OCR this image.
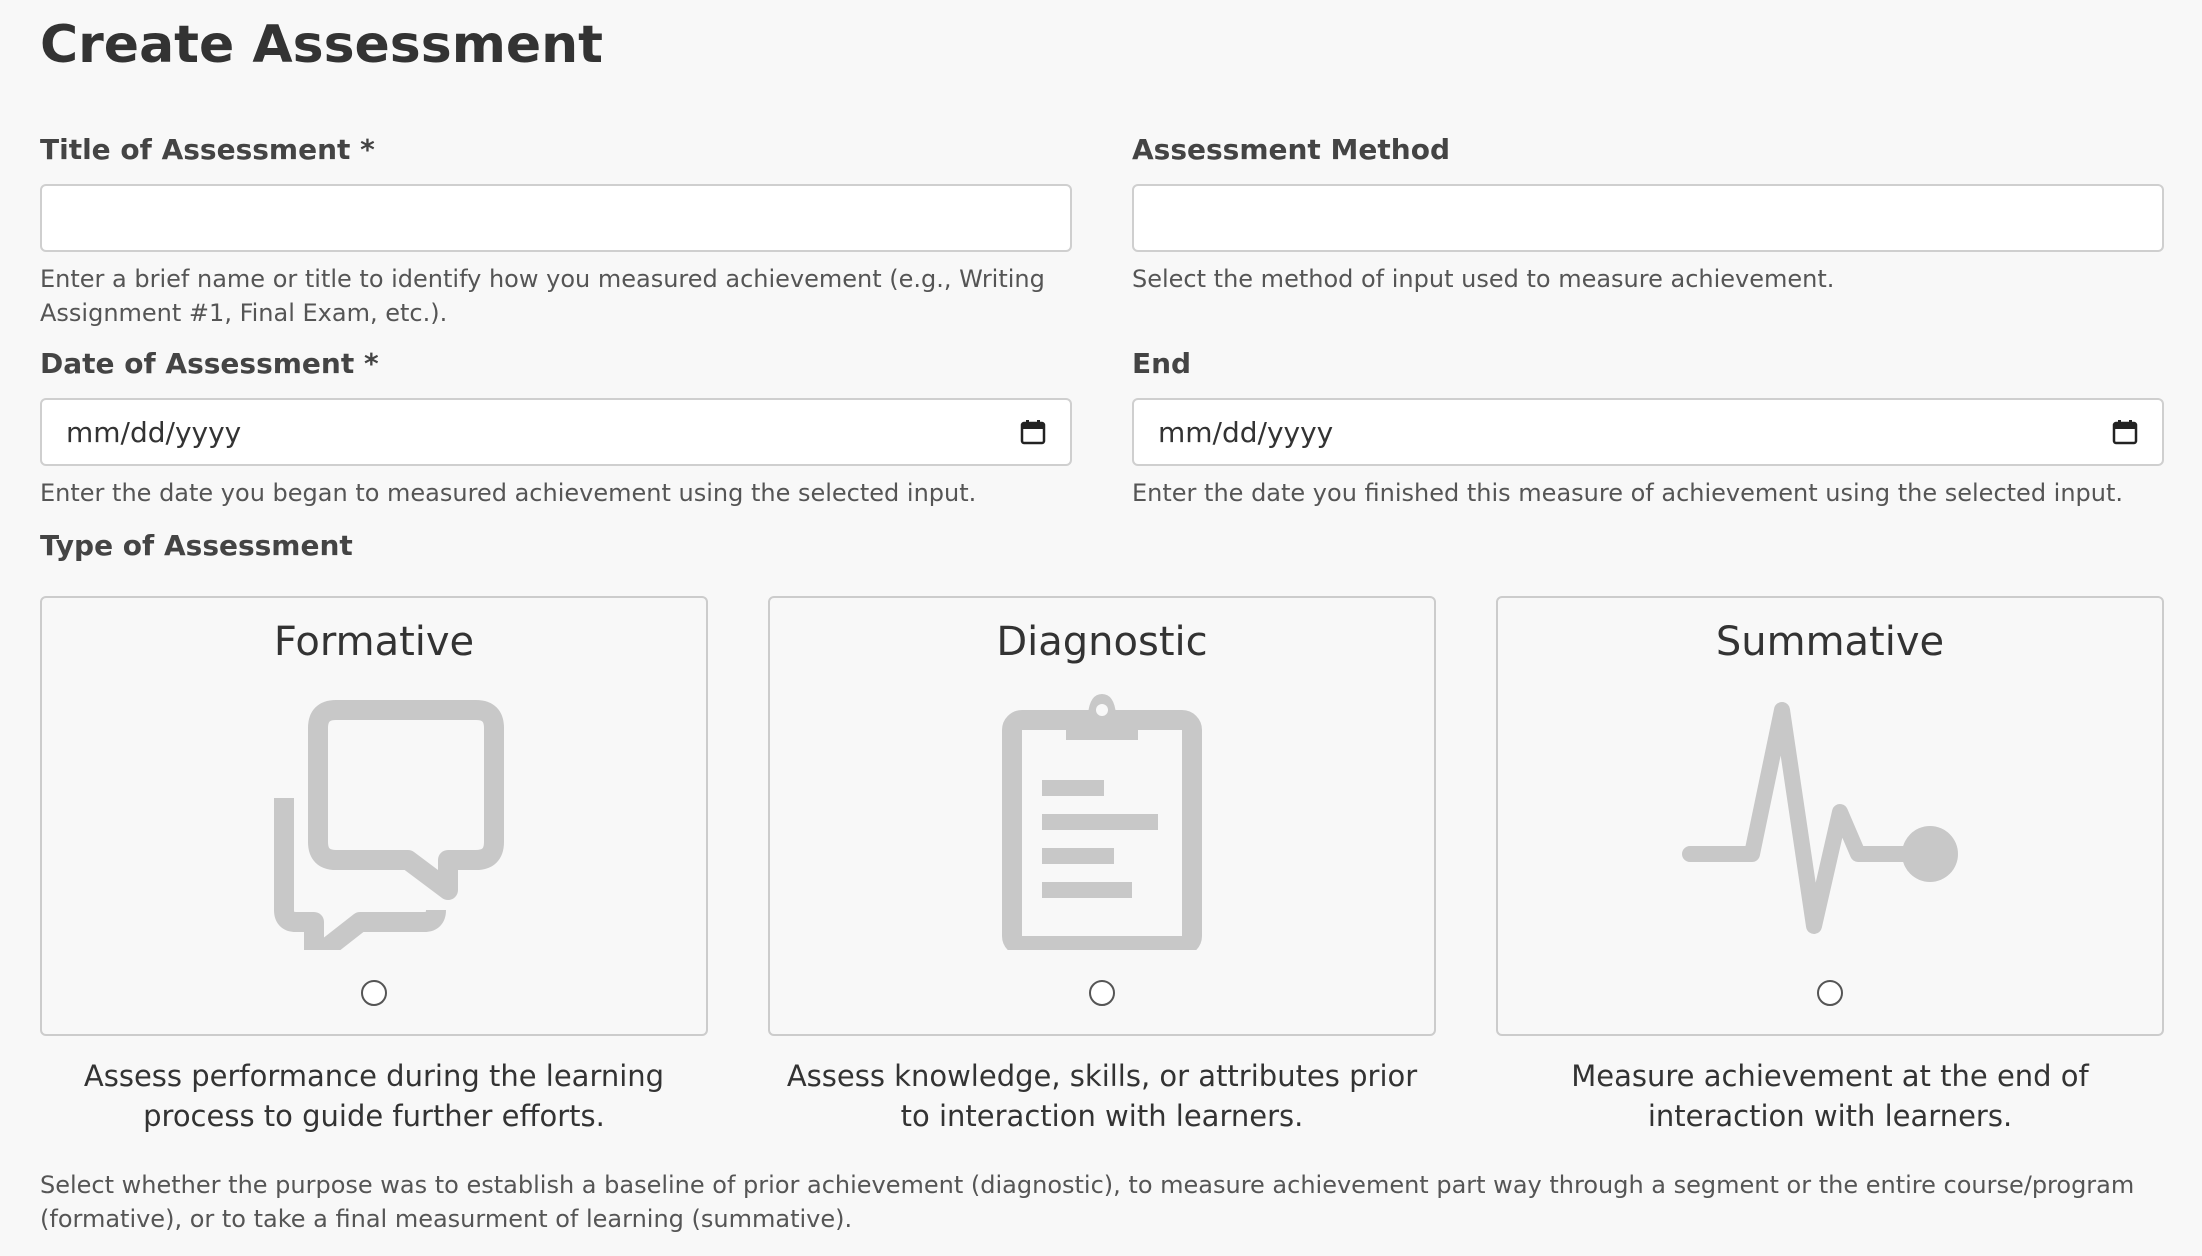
Create Assessment
Title of Assessment *
Enter a brief name or title to identify how you measured achievement (e.g., Writing Assignment #1, Final Exam, etc.).
Assessment Method
Select the method of input used to measure achievement.
Date of Assessment *
mm/dd/yyyy
Enter the date you began to measured achievement using the selected input.
End
mm/dd/yyyy
Enter the date you finished this measure of achievement using the selected input.
Type of Assessment
Formative
Assess performance during the learning process to guide further efforts.
Diagnostic
Assess knowledge, skills, or attributes prior to interaction with learners.
Summative
Measure achievement at the end of interaction with learners.
Select whether the purpose was to establish a baseline of prior achievement (diagnostic), to measure achievement part way through a segment or the entire course/program (formative), or to take a final measurment of learning (summative).
